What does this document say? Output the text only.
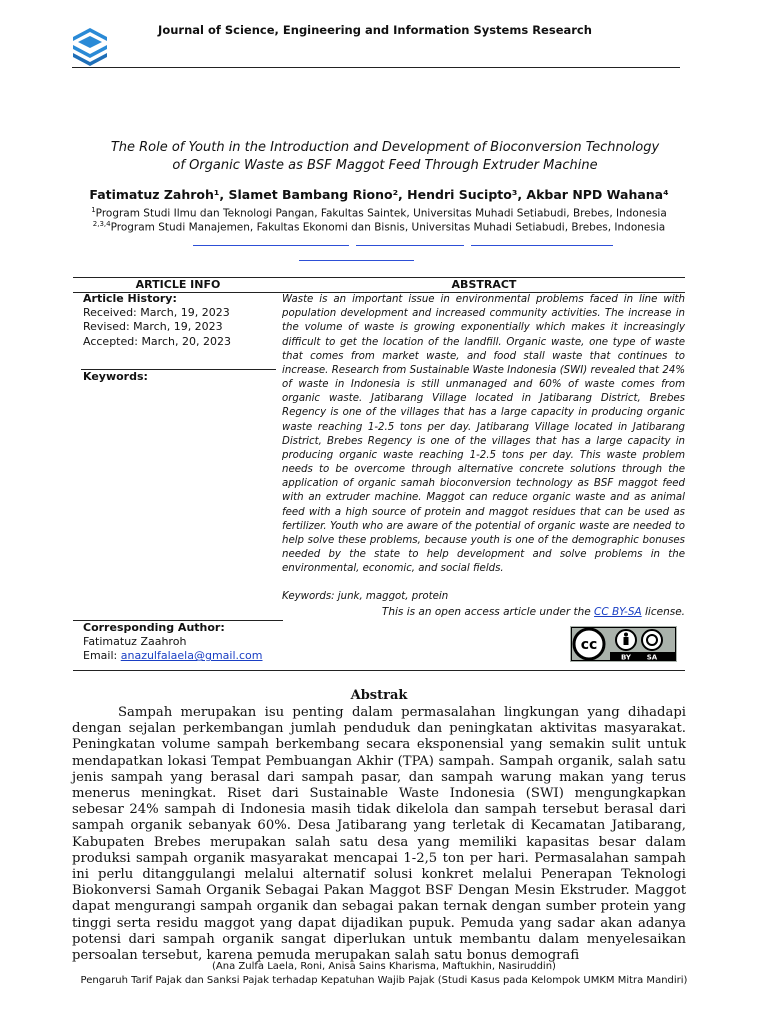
Journal of Science, Engineering and Information Systems Research
The Role of Youth in the Introduction and Development of Bioconversion Technology
of Organic Waste as BSF Maggot Feed Through Extruder Machine
Fatimatuz Zahroh¹, Slamet Bambang Riono², Hendri Sucipto³, Akbar NPD Wahana⁴
$^1$Program Studi Ilmu dan Teknologi Pangan, Fakultas Saintek, Universitas Muhadi Setiabudi, Brebes, Indonesia
$^{2,3,4}$Program Studi Manajemen, Fakultas Ekonomi dan Bisnis, Universitas Muhadi Setiabudi, Brebes, Indonesia
ARTICLE INFO	ABSTRACT
Article History:
Received: March, 19, 2023
Revised: March, 19, 2023
Accepted: March, 20, 2023
Keywords:
Corresponding Author:
Fatimatuz Zaahroh
Email: anazulfalaela@gmail.com
Waste is an important issue in environmental problems faced in line with population development and increased community activities. The increase in the volume of waste is growing exponentially which makes it increasingly difficult to get the location of the landfill. Organic waste, one type of waste that comes from market waste, and food stall waste that continues to increase. Research from Sustainable Waste Indonesia (SWI) revealed that 24% of waste in Indonesia is still unmanaged and 60% of waste comes from organic waste. Jatibarang Village located in Jatibarang District, Brebes Regency is one of the villages that has a large capacity in producing organic waste reaching 1-2.5 tons per day. Jatibarang Village located in Jatibarang District, Brebes Regency is one of the villages that has a large capacity in producing organic waste reaching 1-2.5 tons per day. This waste problem needs to be overcome through alternative concrete solutions through the application of organic samah bioconversion technology as BSF maggot feed with an extruder machine. Maggot can reduce organic waste and as animal feed with a high source of protein and maggot residues that can be used as fertilizer. Youth who are aware of the potential of organic waste are needed to help solve these problems, because youth is one of the demographic bonuses needed by the state to help development and solve problems in the environmental, economic, and social fields.
Keywords: junk, maggot, protein
This is an open access article under the CC BY-SA license.
cc
BY SA
Abstrak

Sampah merupakan isu penting dalam permasalahan lingkungan yang dihadapi dengan sejalan perkembangan jumlah penduduk dan peningkatan aktivitas masyarakat. Peningkatan volume sampah berkembang secara eksponensial yang semakin sulit untuk mendapatkan lokasi Tempat Pembuangan Akhir (TPA) sampah. Sampah organik, salah satu jenis sampah yang berasal dari sampah pasar, dan sampah warung makan yang terus menerus meningkat. Riset dari Sustainable Waste Indonesia (SWI) mengungkapkan sebesar 24% sampah di Indonesia masih tidak dikelola dan sampah tersebut berasal dari sampah organik sebanyak 60%. Desa Jatibarang yang terletak di Kecamatan Jatibarang, Kabupaten Brebes merupakan salah satu desa yang memiliki kapasitas besar dalam produksi sampah organik masyarakat mencapai 1-2,5 ton per hari. Permasalahan sampah ini perlu ditanggulangi melalui alternatif solusi konkret melalui Penerapan Teknologi Biokonversi Samah Organik Sebagai Pakan Maggot BSF Dengan Mesin Ekstruder. Maggot dapat mengurangi sampah organik dan sebagai pakan ternak dengan sumber protein yang tinggi serta residu maggot yang dapat dijadikan pupuk. Pemuda yang sadar akan adanya potensi dari sampah organik sangat diperlukan untuk membantu dalam menyelesaikan persoalan tersebut, karena pemuda merupakan salah satu bonus demografi

(Ana Zulfa Laela, Roni, Anisa Sains Kharisma, Maftukhin, Nasiruddin)
Pengaruh Tarif Pajak dan Sanksi Pajak terhadap Kepatuhan Wajib Pajak (Studi Kasus pada Kelompok UMKM Mitra Mandiri)
